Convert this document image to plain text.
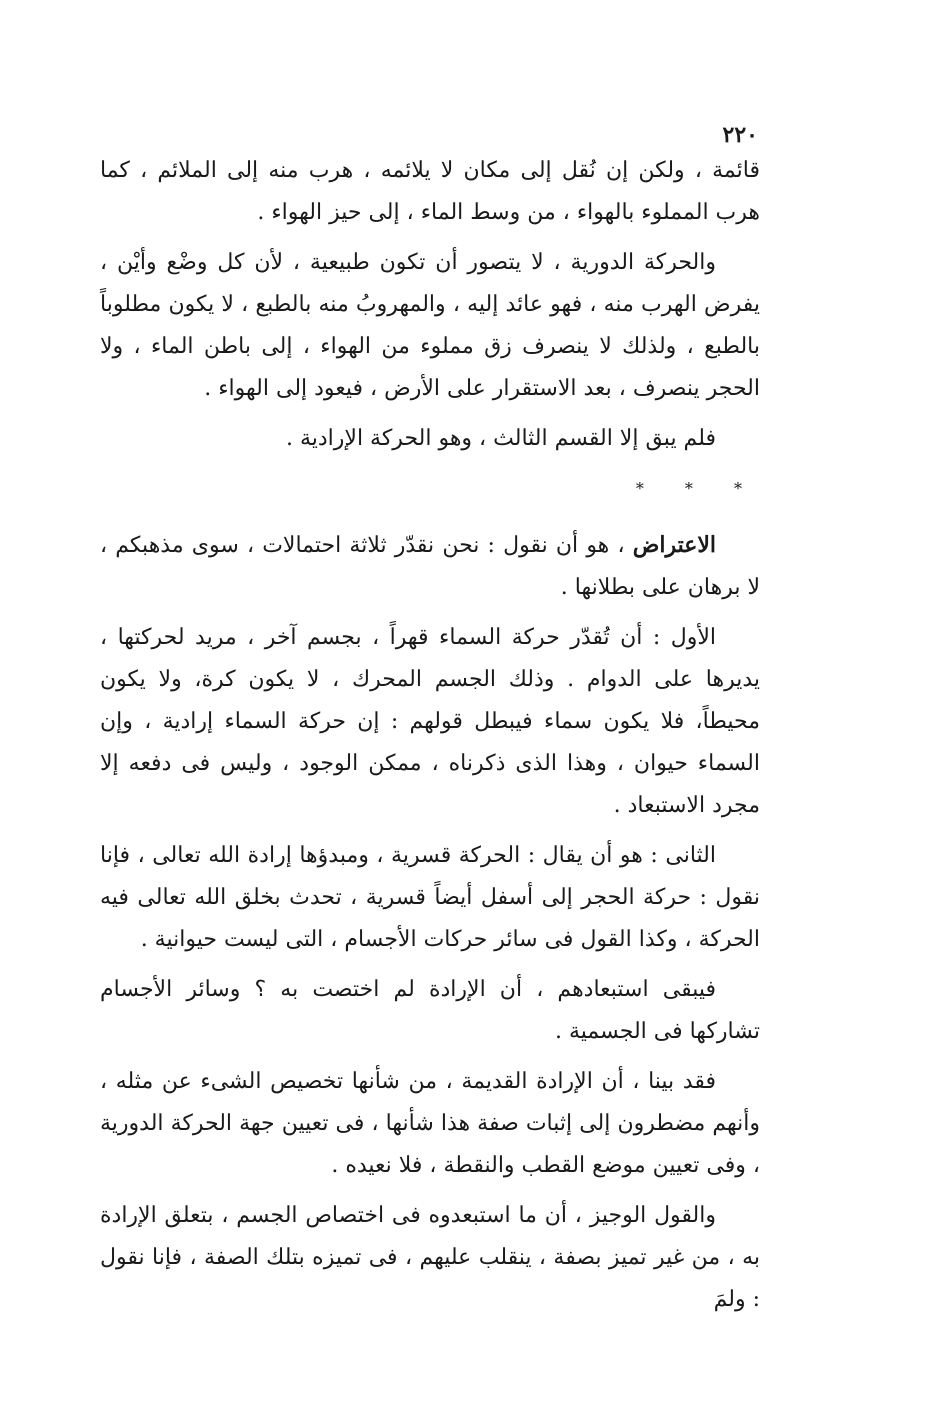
٢٢٠

قائمة ، ولكن إن نُقل إلى مكان لا يلائمه ، هرب منه إلى الملائم ، كما هرب المملوء بالهواء ، من وسط الماء ، إلى حيز الهواء .

والحركة الدورية ، لا يتصور أن تكون طبيعية ، لأن كل وضْع وأيْن ، يفرض الهرب منه ، فهو عائد إليه ، والمهروبُ منه بالطبع ، لا يكون مطلوباً بالطبع ، ولذلك لا ينصرف زق مملوء من الهواء ، إلى باطن الماء ، ولا الحجر ينصرف ، بعد الاستقرار على الأرض ، فيعود إلى الهواء .

فلم يبق إلا القسم الثالث ، وهو الحركة الإرادية .

* * *

الاعتراض ، هو أن نقول : نحن نقدّر ثلاثة احتمالات ، سوى مذهبكم ، لا برهان على بطلانها .

الأول : أن تُقدّر حركة السماء قهراً ، بجسم آخر ، مريد لحركتها ، يديرها على الدوام . وذلك الجسم المحرك ، لا يكون كرة، ولا يكون محيطاً، فلا يكون سماء فيبطل قولهم : إن حركة السماء إرادية ، وإن السماء حيوان ، وهذا الذى ذكرناه ، ممكن الوجود ، وليس فى دفعه إلا مجرد الاستبعاد .

الثانى : هو أن يقال : الحركة قسرية ، ومبدؤها إرادة الله تعالى ، فإنا نقول : حركة الحجر إلى أسفل أيضاً قسرية ، تحدث بخلق الله تعالى فيه الحركة ، وكذا القول فى سائر حركات الأجسام ، التى ليست حيوانية .

فيبقى استبعادهم ، أن الإرادة لم اختصت به ؟ وسائر الأجسام تشاركها فى الجسمية .

فقد بينا ، أن الإرادة القديمة ، من شأنها تخصيص الشىء عن مثله ، وأنهم مضطرون إلى إثبات صفة هذا شأنها ، فى تعيين جهة الحركة الدورية ، وفى تعيين موضع القطب والنقطة ، فلا نعيده .

والقول الوجيز ، أن ما استبعدوه فى اختصاص الجسم ، بتعلق الإرادة به ، من غير تميز بصفة ، ينقلب عليهم ، فى تميزه بتلك الصفة ، فإنا نقول : ولمَ
